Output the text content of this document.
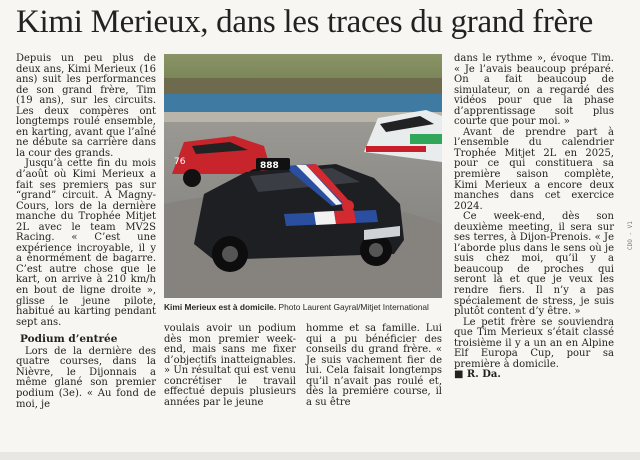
Kimi Merieux, dans les traces du grand frère

Depuis un peu plus de deux ans, Kimi Merieux (16 ans) suit les performances de son grand frère, Tim (19 ans), sur les circuits. Les deux compères ont longtemps roulé ensemble, en karting, avant que l’aîné ne débute sa carrière dans la cour des grands.

Jusqu’à cette fin du mois d’août où Kimi Merieux a fait ses premiers pas sur “grand” circuit. À Magny-Cours, lors de la dernière manche du Trophée Mitjet 2L avec le team MV2S Racing. « C’est une expérience incroyable, il y a énormément de bagarre. C’est autre chose que le kart, on arrive à 210 km/h en bout de ligne droite », glisse le jeune pilote, habitué au karting pendant sept ans.

Podium d’entrée

Lors de la dernière des quatre courses, dans la Nièvre, le Dijonnais a même glané son premier podium (3e). « Au fond de moi, je

76	888
Kimi Merieux est à domicile. Photo Laurent Gayral/Mitjet International

voulais avoir un podium dès mon premier week-end, mais sans me fixer d’objectifs inatteignables. » Un résultat qui est venu concrétiser le travail effectué depuis plusieurs années par le jeune

homme et sa famille. Lui qui a pu bénéficier des conseils du grand frère. « Je suis vachement fier de lui. Cela faisait longtemps qu’il n’avait pas roulé et, dès la première course, il a su être

dans le rythme », évoque Tim. « Je l’avais beaucoup préparé. On a fait beaucoup de simulateur, on a regardé des vidéos pour que la phase d’apprentissage soit plus courte que pour moi. »

Avant de prendre part à l’ensemble du calendrier Trophée Mitjet 2L en 2025, pour ce qui constituera sa première saison complète, Kimi Merieux a encore deux manches dans cet exercice 2024.

Ce week-end, dès son deuxième meeting, il sera sur ses terres, à Dijon-Prenois. « Je l’aborde plus dans le sens où je suis chez moi, qu’il y a beaucoup de proches qui seront là et que je veux les rendre fiers. Il n’y a pas spécialement de stress, je suis plutôt content d’y être. »

Le petit frère se souviendra que Tim Merieux s’était classé troisième il y a un an en Alpine Elf Europa Cup, pour sa première à domicile.

■ R. Da.

CDO - V1
